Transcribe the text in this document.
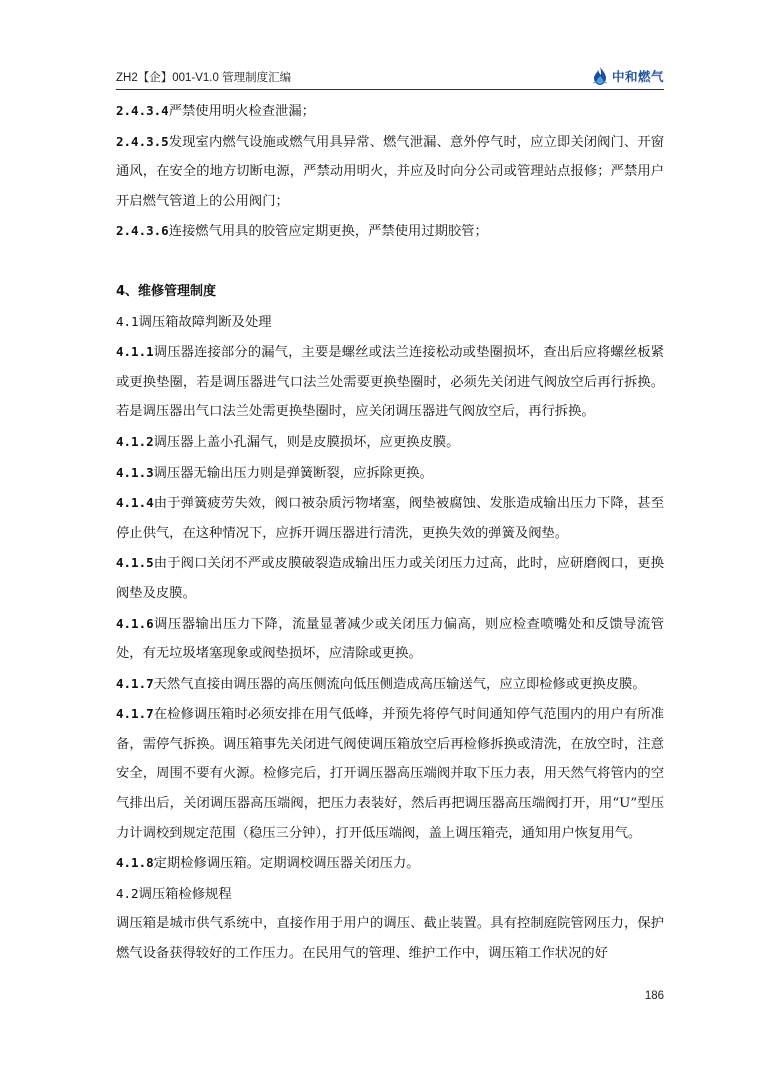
ZH2【企】001-V1.0 管理制度汇编	中和燃气

2.4.3.4严禁使用明火检查泄漏；

2.4.3.5发现室内燃气设施或燃气用具异常、燃气泄漏、意外停气时，应立即关闭阀门、开窗通风，在安全的地方切断电源，严禁动用明火，并应及时向分公司或管理站点报修；严禁用户开启燃气管道上的公用阀门；

2.4.3.6连接燃气用具的胶管应定期更换，严禁使用过期胶管；

4、维修管理制度

4.1调压箱故障判断及处理

4.1.1调压器连接部分的漏气，主要是螺丝或法兰连接松动或垫圈损坏，查出后应将螺丝板紧或更换垫圈，若是调压器进气口法兰处需要更换垫圈时，必须先关闭进气阀放空后再行拆换。若是调压器出气口法兰处需更换垫圈时，应关闭调压器进气阀放空后，再行拆换。

4.1.2调压器上盖小孔漏气，则是皮膜损坏，应更换皮膜。

4.1.3调压器无输出压力则是弹簧断裂，应拆除更换。

4.1.4由于弹簧疲劳失效，阀口被杂质污物堵塞，阀垫被腐蚀、发胀造成输出压力下降，甚至停止供气，在这种情况下，应拆开调压器进行清洗，更换失效的弹簧及阀垫。

4.1.5由于阀口关闭不严或皮膜破裂造成输出压力或关闭压力过高，此时，应研磨阀口，更换阀垫及皮膜。

4.1.6调压器输出压力下降，流量显著减少或关闭压力偏高，则应检查喷嘴处和反馈导流管处，有无垃圾堵塞现象或阀垫损坏，应清除或更换。

4.1.7天然气直接由调压器的高压侧流向低压侧造成高压输送气，应立即检修或更换皮膜。

4.1.7在检修调压箱时必须安排在用气低峰，并预先将停气时间通知停气范围内的用户有所准备，需停气拆换。调压箱事先关闭进气阀使调压箱放空后再检修拆换或清洗，在放空时，注意安全，周围不要有火源。检修完后，打开调压器高压端阀并取下压力表，用天然气将管内的空气排出后，关闭调压器高压端阀，把压力表装好，然后再把调压器高压端阀打开，用“U”型压力计调校到规定范围（稳压三分钟），打开低压端阀，盖上调压箱壳，通知用户恢复用气。

4.1.8定期检修调压箱。定期调校调压器关闭压力。

4.2调压箱检修规程

调压箱是城市供气系统中，直接作用于用户的调压、截止装置。具有控制庭院管网压力，保护燃气设备获得较好的工作压力。在民用气的管理、维护工作中，调压箱工作状况的好

186
